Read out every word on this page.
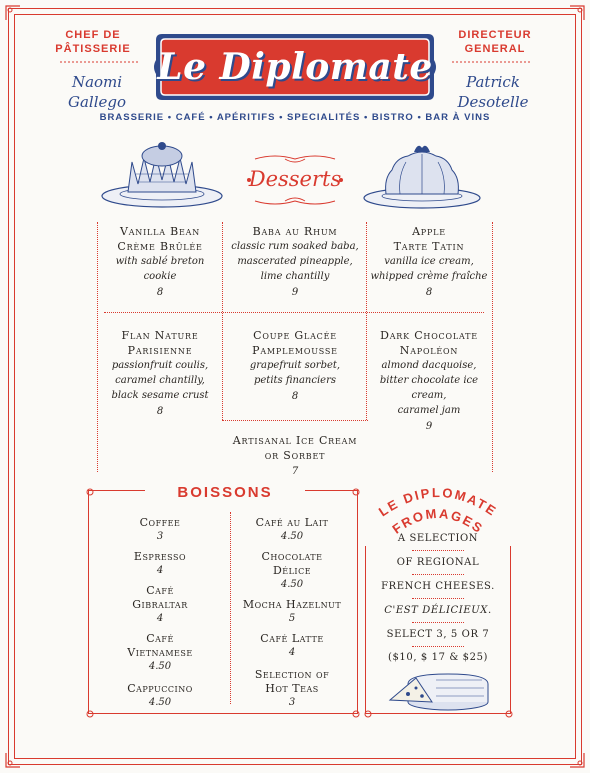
CHEF DE
PÂTISSERIE
Naomi
Gallego
DIRECTEUR
GENERAL
Patrick
Desotelle
Le Diplomate
BRASSERIE • CAFÉ • APÉRITIFS • SPECIALITÉS • BISTRO • BAR À VINS
Desserts
Vanilla Bean
Crème Brûlée
with sablé breton
cookie
8
Baba au Rhum
classic rum soaked baba,
mascerated pineapple,
lime chantilly
9
Apple
Tarte Tatin
vanilla ice cream,
whipped crème fraîche
8
Flan Nature
Parisienne
passionfruit coulis,
caramel chantilly,
black sesame crust
8
Coupe Glacée
Pamplemousse
grapefruit sorbet,
petits financiers
8
Dark Chocolate
Napoléon
almond dacquoise,
bitter chocolate ice cream,
caramel jam
9
Artisanal Ice Cream
or Sorbet
7
BOISSONS
Coffee
3
Espresso
4
Café
Gibraltar
4
Café
Vietnamese
4.50
Cappuccino
4.50
Café au Lait
4.50
Chocolate
Délice
4.50
Mocha Hazelnut
5
Café Latte
4
Selection of
Hot Teas
3
LE DIPLOMATE
FROMAGES
A SELECTION
OF REGIONAL
FRENCH CHEESES.
C'EST DÉLICIEUX.
SELECT 3, 5 OR 7
($10, $ 17 & $25)
